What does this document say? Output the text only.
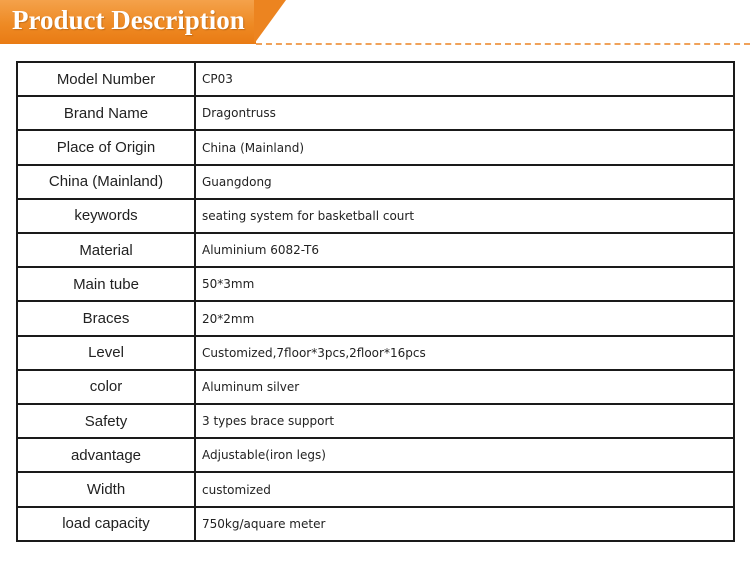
Product Description
Model Number	CP03
Brand Name	Dragontruss
Place of Origin	China (Mainland)
China (Mainland)	Guangdong
keywords	seating system for basketball court
Material	Aluminium 6082-T6
Main tube	50*3mm
Braces	20*2mm
Level	Customized,7floor*3pcs,2floor*16pcs
color	Aluminum silver
Safety	3 types brace support
advantage	Adjustable(iron legs)
Width	customized
load capacity	750kg/aquare meter
